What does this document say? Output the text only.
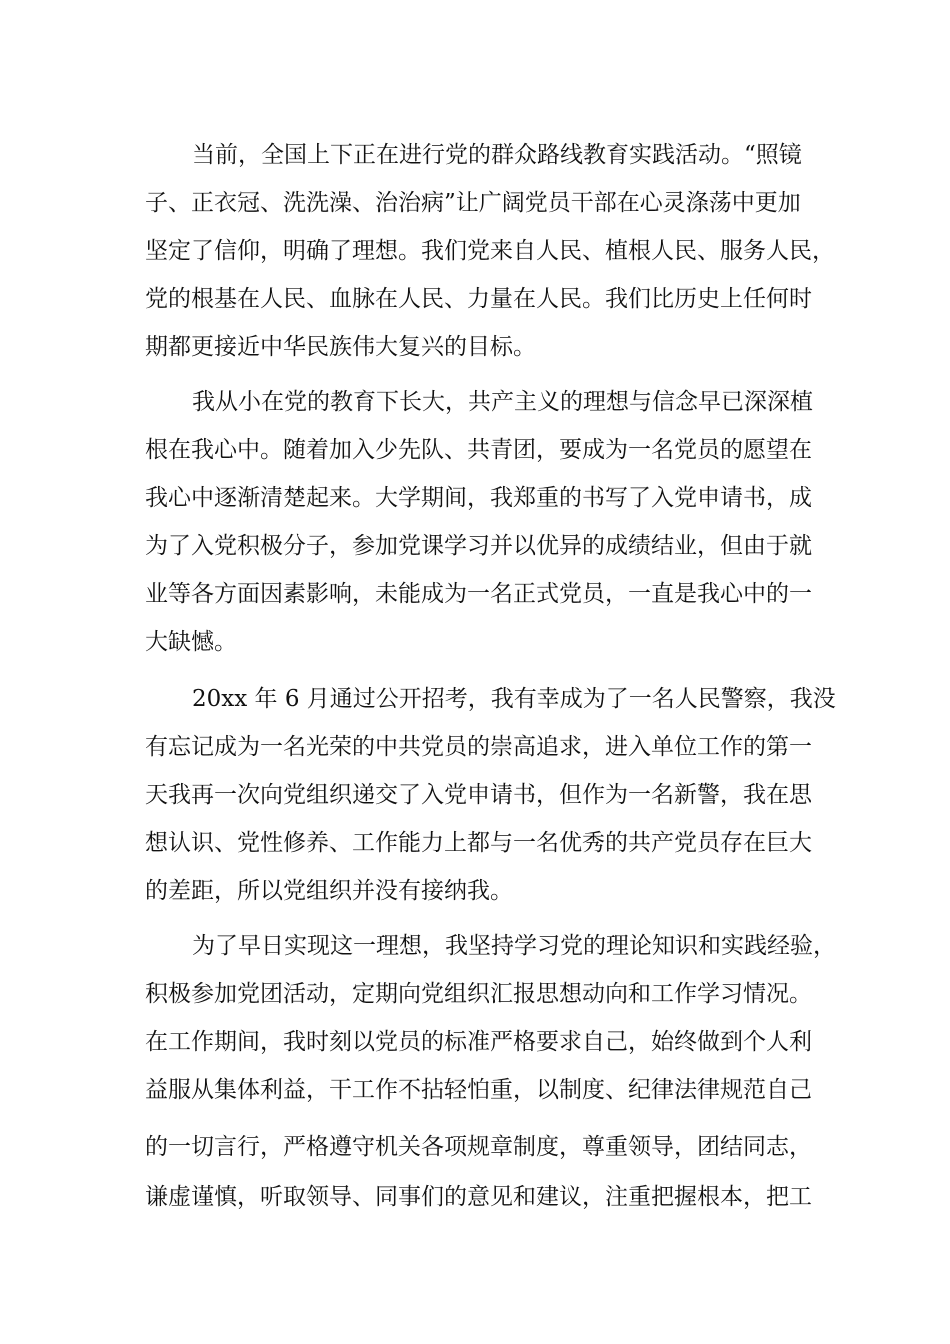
当前，全国上下正在进行党的群众路线教育实践活动。“照镜
子、正衣冠、洗洗澡、治治病”让广阔党员干部在心灵涤荡中更加
坚定了信仰，明确了理想。我们党来自人民、植根人民、服务人民，
党的根基在人民、血脉在人民、力量在人民。我们比历史上任何时
期都更接近中华民族伟大复兴的目标。
我从小在党的教育下长大，共产主义的理想与信念早已深深植
根在我心中。随着加入少先队、共青团，要成为一名党员的愿望在
我心中逐渐清楚起来。大学期间，我郑重的书写了入党申请书，成
为了入党积极分子，参加党课学习并以优异的成绩结业，但由于就
业等各方面因素影响，未能成为一名正式党员，一直是我心中的一
大缺憾。
20xx 年 6 月通过公开招考，我有幸成为了一名人民警察，我没
有忘记成为一名光荣的中共党员的崇高追求，进入单位工作的第一
天我再一次向党组织递交了入党申请书，但作为一名新警，我在思
想认识、党性修养、工作能力上都与一名优秀的共产党员存在巨大
的差距，所以党组织并没有接纳我。
为了早日实现这一理想，我坚持学习党的理论知识和实践经验，
积极参加党团活动，定期向党组织汇报思想动向和工作学习情况。
在工作期间，我时刻以党员的标准严格要求自己，始终做到个人利
益服从集体利益，干工作不拈轻怕重，以制度、纪律法律规范自己
的一切言行，严格遵守机关各项规章制度，尊重领导，团结同志，
谦虚谨慎，听取领导、同事们的意见和建议，注重把握根本，把工
